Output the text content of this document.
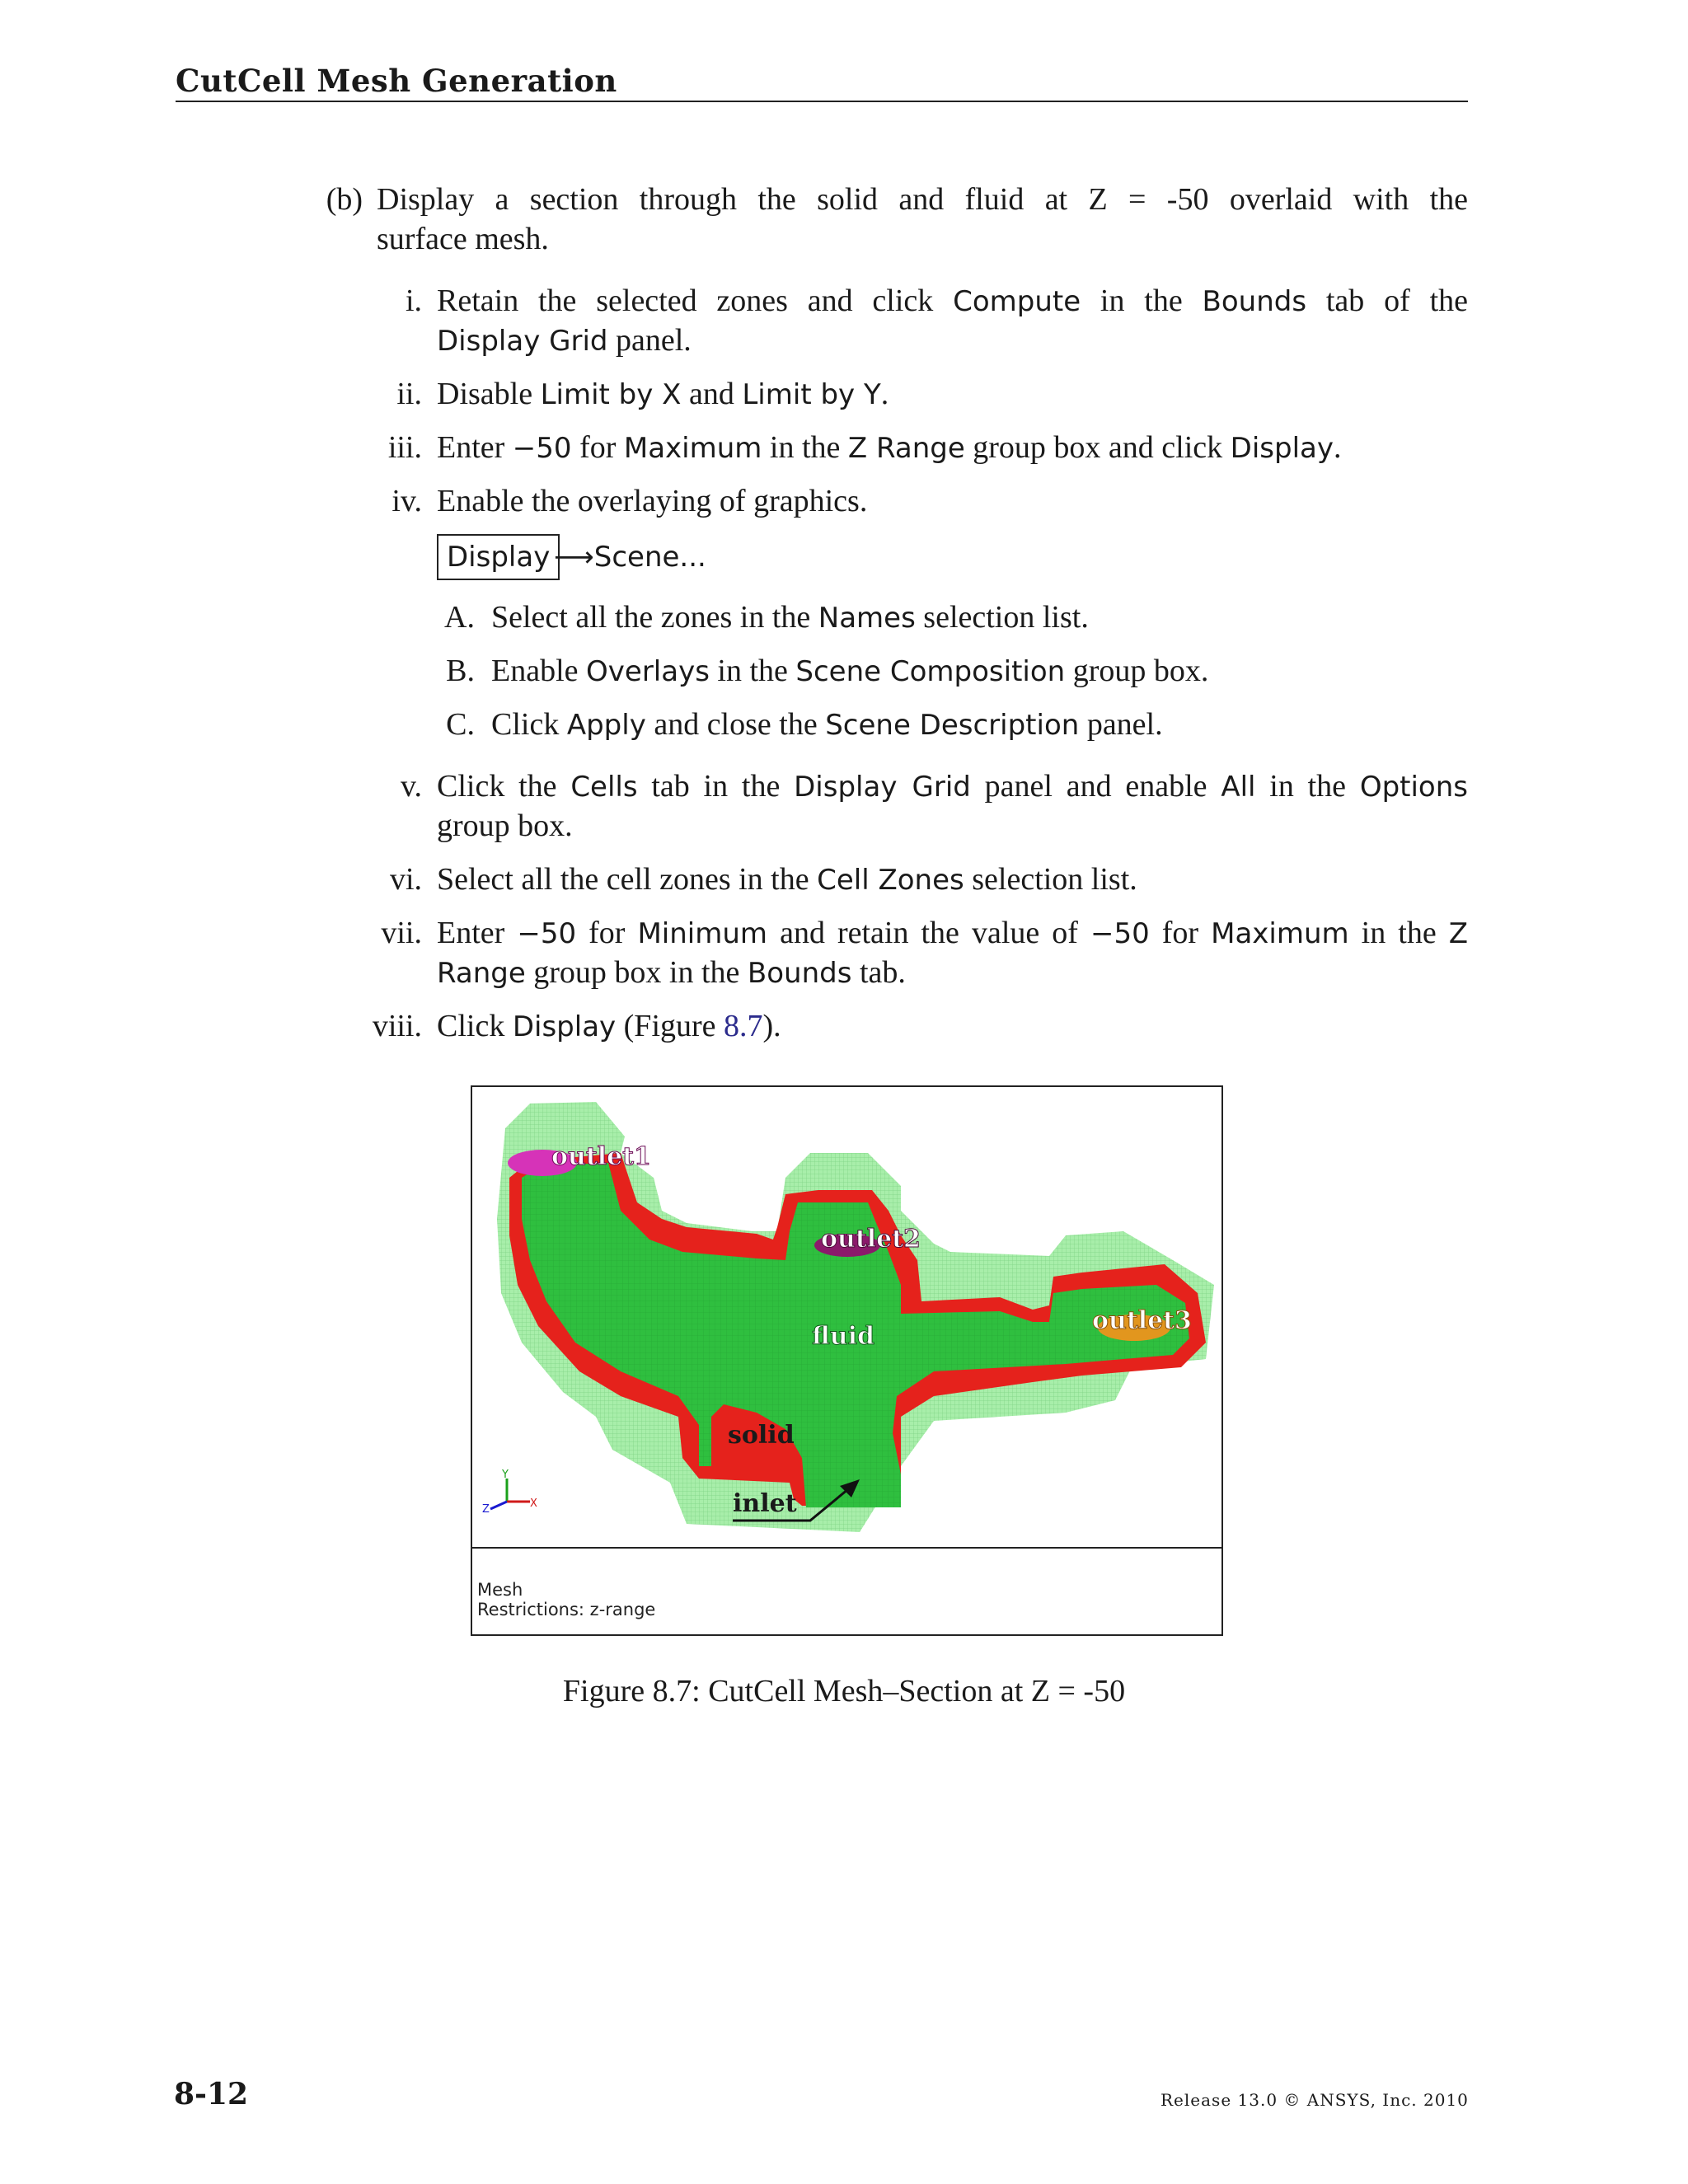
CutCell Mesh Generation
(b) Display a section through the solid and fluid at Z = -50 overlaid with the
surface mesh.
i. Retain the selected zones and click Compute in the Bounds tab of the
Display Grid panel.
ii. Disable Limit by X and Limit by Y.
iii. Enter −50 for Maximum in the Z Range group box and click Display.
iv. Enable the overlaying of graphics.
Display ⟶Scene...
A. Select all the zones in the Names selection list.
B. Enable Overlays in the Scene Composition group box.
C. Click Apply and close the Scene Description panel.
v. Click the Cells tab in the Display Grid panel and enable All in the Options
group box.
vi. Select all the cell zones in the Cell Zones selection list.
vii. Enter −50 for Minimum and retain the value of −50 for Maximum in the Z
Range group box in the Bounds tab.
viii. Click Display (Figure 8.7).
outlet1
outlet2
outlet3
fluid
solid
inlet
Y
X
Z
Mesh
Restrictions: z-range
Figure 8.7: CutCell Mesh–Section at Z = -50
8-12	Release 13.0 © ANSYS, Inc. 2010
